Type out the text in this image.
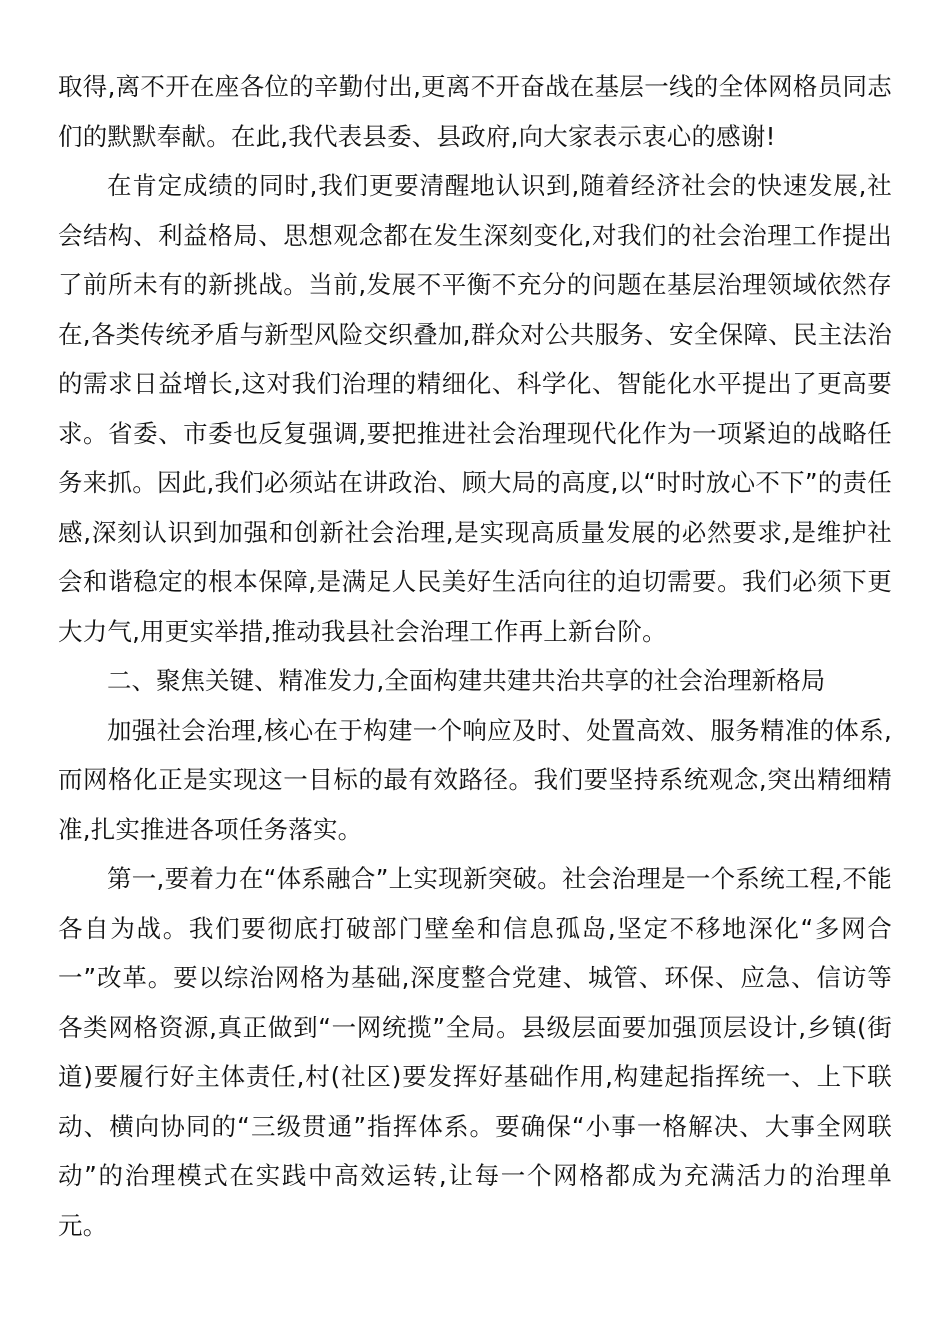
取得,离不开在座各位的辛勤付出,更离不开奋战在基层一线的全体网格员同志们的默默奉献。在此,我代表县委、县政府,向大家表示衷心的感谢!

在肯定成绩的同时,我们更要清醒地认识到,随着经济社会的快速发展,社会结构、利益格局、思想观念都在发生深刻变化,对我们的社会治理工作提出了前所未有的新挑战。当前,发展不平衡不充分的问题在基层治理领域依然存在,各类传统矛盾与新型风险交织叠加,群众对公共服务、安全保障、民主法治的需求日益增长,这对我们治理的精细化、科学化、智能化水平提出了更高要求。省委、市委也反复强调,要把推进社会治理现代化作为一项紧迫的战略任务来抓。因此,我们必须站在讲政治、顾大局的高度,以“时时放心不下”的责任感,深刻认识到加强和创新社会治理,是实现高质量发展的必然要求,是维护社会和谐稳定的根本保障,是满足人民美好生活向往的迫切需要。我们必须下更大力气,用更实举措,推动我县社会治理工作再上新台阶。

二、聚焦关键、精准发力,全面构建共建共治共享的社会治理新格局

加强社会治理,核心在于构建一个响应及时、处置高效、服务精准的体系,而网格化正是实现这一目标的最有效路径。我们要坚持系统观念,突出精细精准,扎实推进各项任务落实。

第一,要着力在“体系融合”上实现新突破。社会治理是一个系统工程,不能各自为战。我们要彻底打破部门壁垒和信息孤岛,坚定不移地深化“多网合一”改革。要以综治网格为基础,深度整合党建、城管、环保、应急、信访等各类网格资源,真正做到“一网统揽”全局。县级层面要加强顶层设计,乡镇(街道)要履行好主体责任,村(社区)要发挥好基础作用,构建起指挥统一、上下联动、横向协同的“三级贯通”指挥体系。要确保“小事一格解决、大事全网联动”的治理模式在实践中高效运转,让每一个网格都成为充满活力的治理单元。
